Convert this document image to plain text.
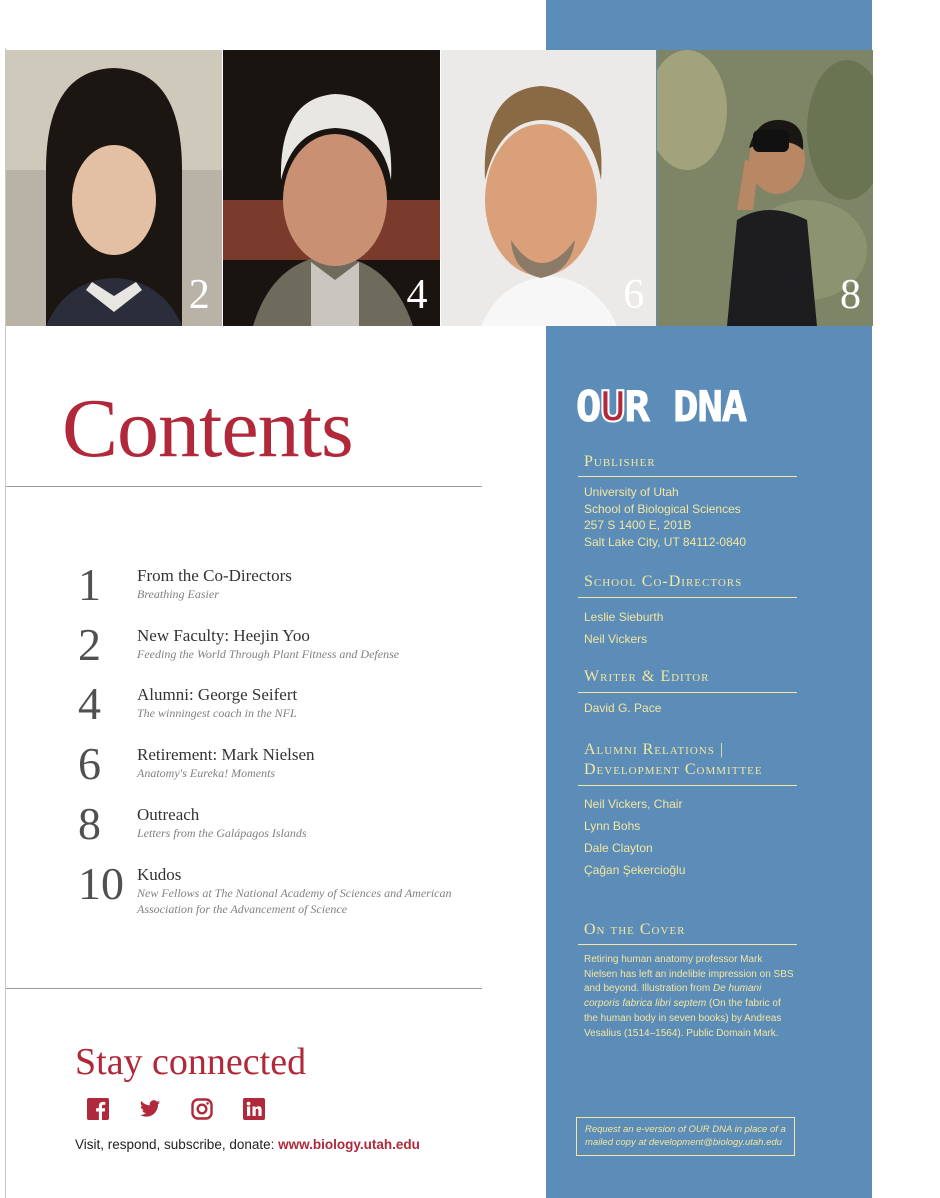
2	4	6	8
Contents
1 From the Co-Directors
Breathing Easier
2 New Faculty: Heejin Yoo
Feeding the World Through Plant Fitness and Defense
4 Alumni: George Seifert
The winningest coach in the NFL
6 Retirement: Mark Nielsen
Anatomy's Eureka! Moments
8 Outreach
Letters from the Galápagos Islands
10 Kudos
New Fellows at The National Academy of Sciences and American Association for the Advancement of Science
Stay connected
Visit, respond, subscribe, donate: www.biology.utah.edu
OUR DNA
Publisher
University of Utah
School of Biological Sciences
257 S 1400 E, 201B
Salt Lake City, UT 84112-0840
School Co-Directors
Leslie Sieburth
Neil Vickers
Writer & Editor
David G. Pace
Alumni Relations |
Development Committee
Neil Vickers, Chair
Lynn Bohs
Dale Clayton
Çağan Şekercioğlu
On the Cover
Retiring human anatomy professor Mark Nielsen has left an indelible impression on SBS and beyond. Illustration from De humani corporis fabrica libri septem (On the fabric of the human body in seven books) by Andreas Vesalius (1514–1564). Public Domain Mark.
Request an e-version of OUR DNA in place of a mailed copy at development@biology.utah.edu
